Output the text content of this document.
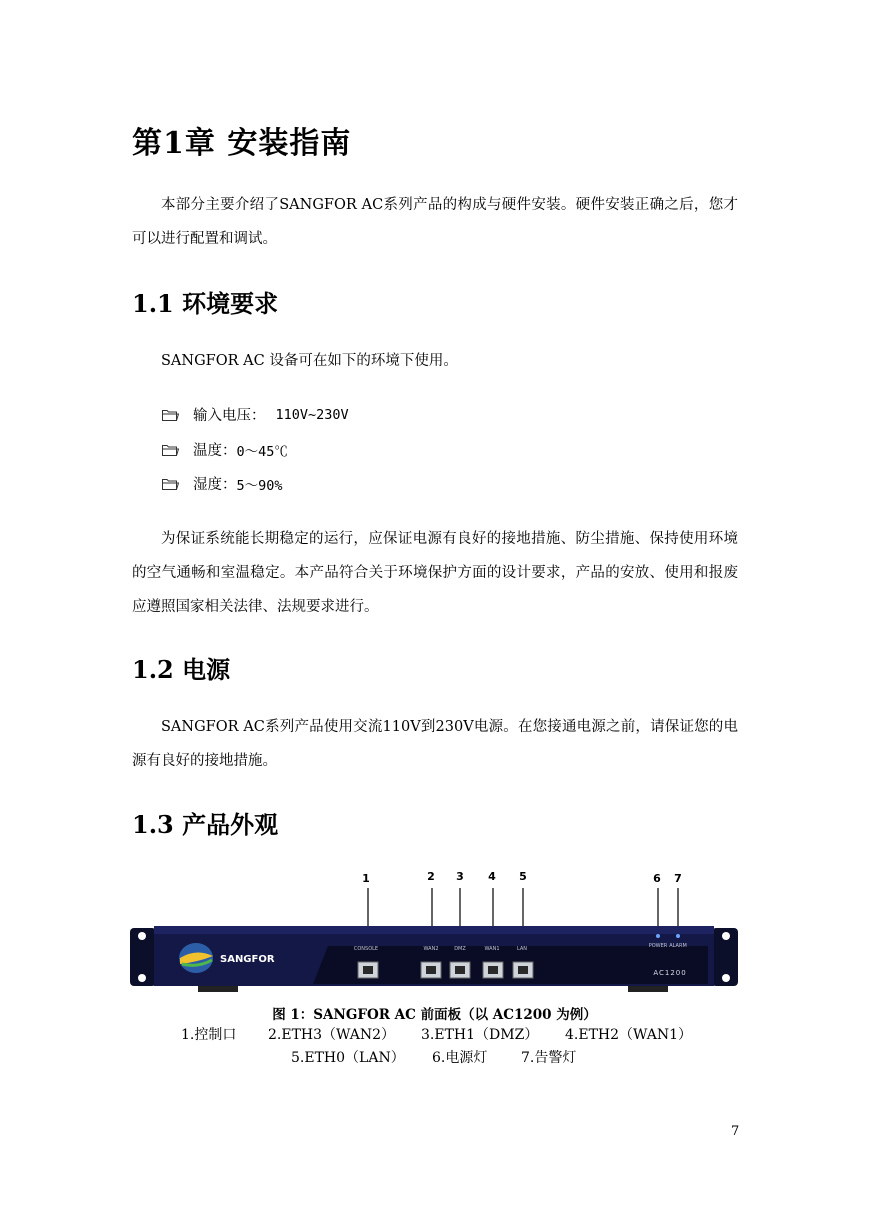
第1章 安装指南

本部分主要介绍了SANGFOR AC系列产品的构成与硬件安装。硬件安装正确之后，您才可以进行配置和调试。

1.1 环境要求

SANGFOR AC 设备可在如下的环境下使用。

输入电压： 110V~230V
温度： 0～45℃
湿度： 5～90%

为保证系统能长期稳定的运行，应保证电源有良好的接地措施、防尘措施、保持使用环境的空气通畅和室温稳定。本产品符合关于环境保护方面的设计要求，产品的安放、使用和报废应遵照国家相关法律、法规要求进行。

1.2 电源

SANGFOR AC系列产品使用交流110V到230V电源。在您接通电源之前，请保证您的电源有良好的接地措施。

1.3 产品外观
1	2 3 4 5	6 7
SANGFOR
CONSOLE	WAN2	DMZ	WAN1	LAN	POWER ALARM
AC1200
图 1：SANGFOR AC 前面板（以 AC1200 为例）
1.控制口 2.ETH3（WAN2） 3.ETH1（DMZ） 4.ETH2（WAN1）
5.ETH0（LAN） 6.电源灯 7.告警灯
7
